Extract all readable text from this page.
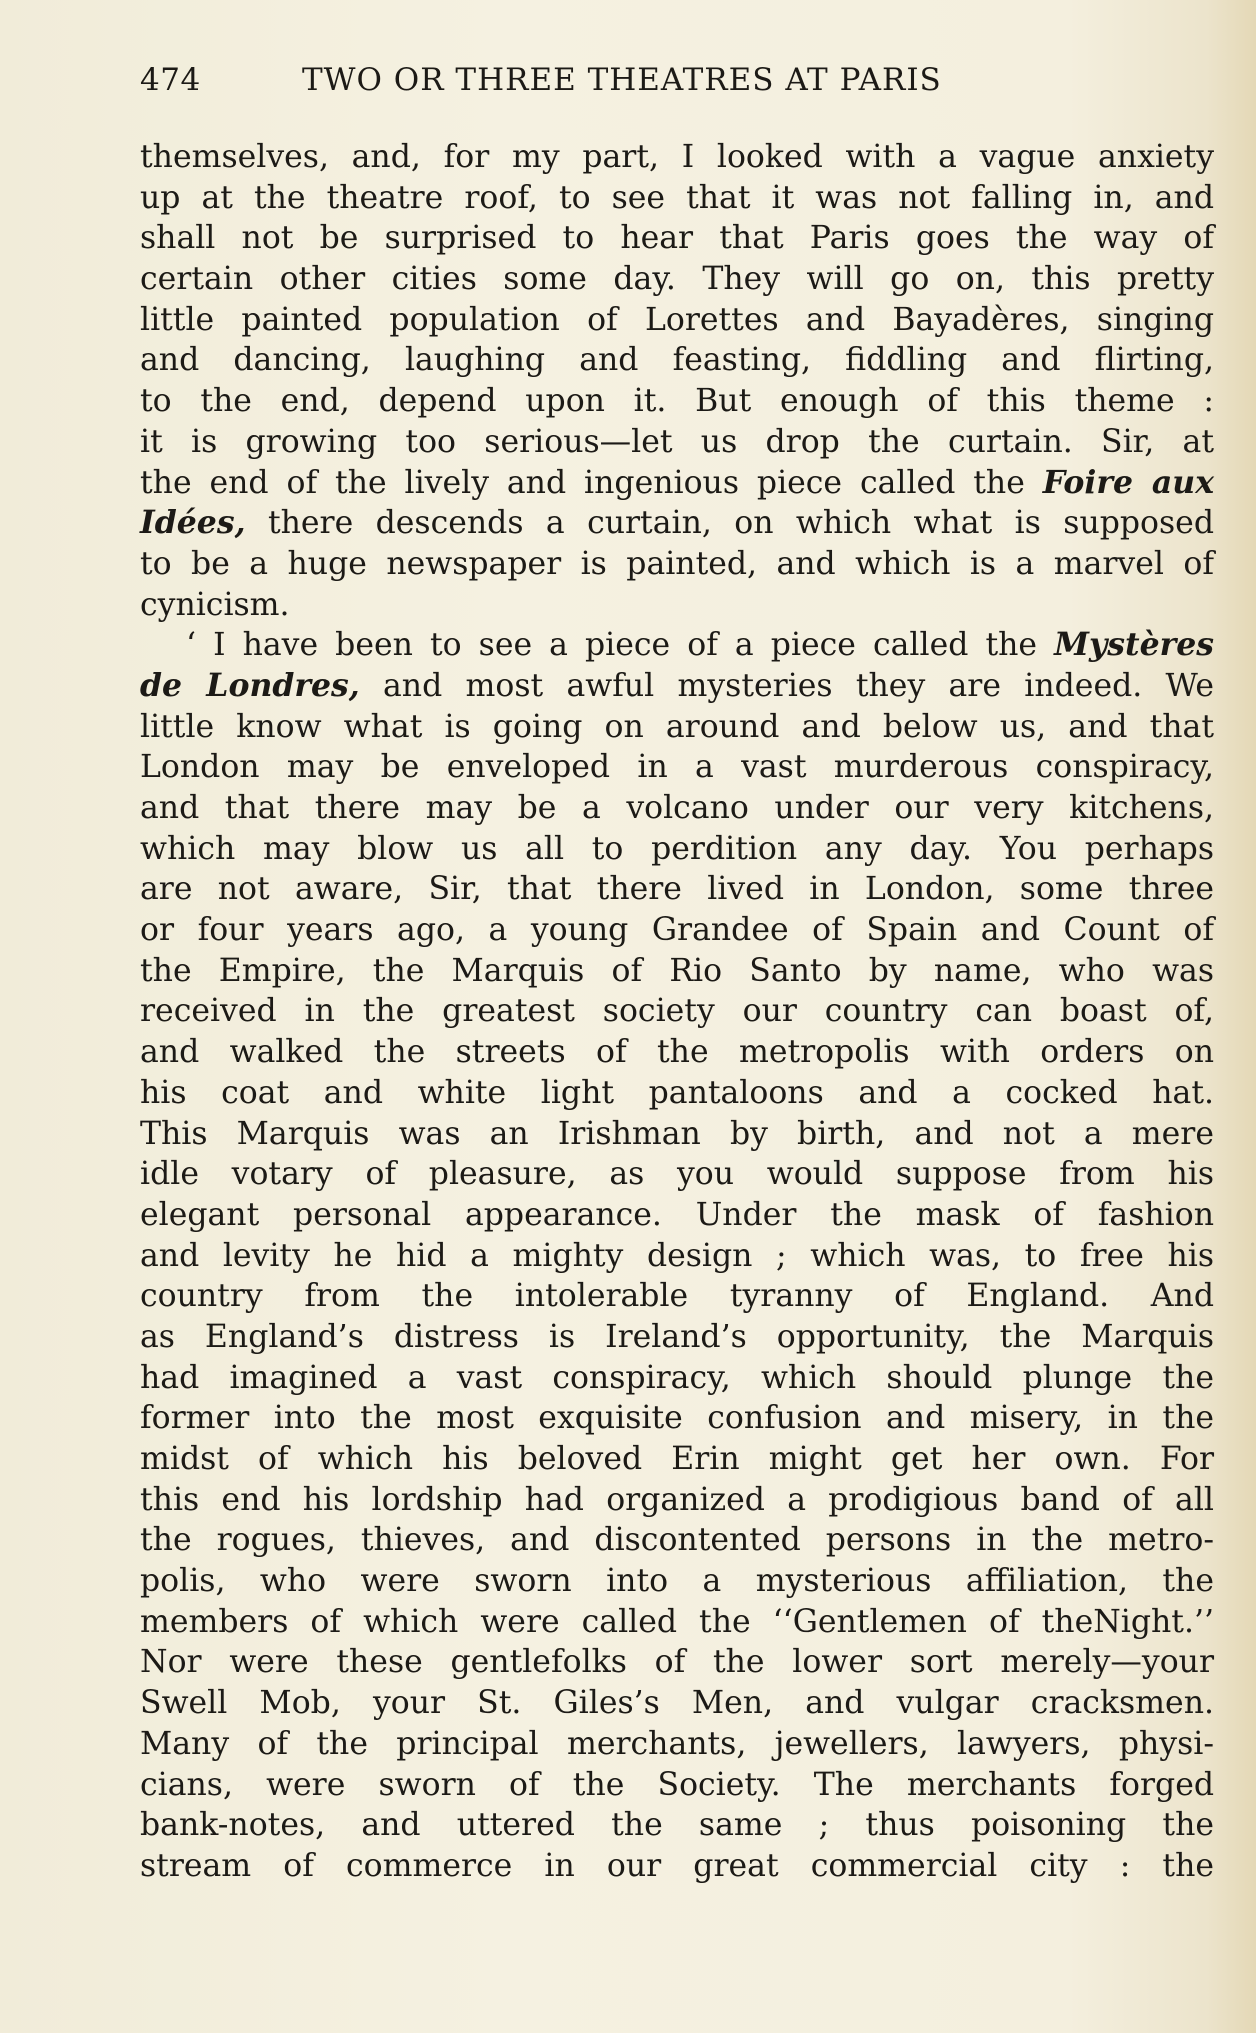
474	TWO OR THREE THEATRES AT PARIS
themselves, and, for my part, I looked with a vague anxiety
up at the theatre roof, to see that it was not falling in, and
shall not be surprised to hear that Paris goes the way of
certain other cities some day. They will go on, this pretty
little painted population of Lorettes and Bayadères, singing
and dancing, laughing and feasting, fiddling and flirting,
to the end, depend upon it. But enough of this theme :
it is growing too serious—let us drop the curtain. Sir, at
the end of the lively and ingenious piece called the Foire aux
Idées, there descends a curtain, on which what is supposed
to be a huge newspaper is painted, and which is a marvel of
cynicism.
‘ I have been to see a piece of a piece called the Mystères
de Londres, and most awful mysteries they are indeed. We
little know what is going on around and below us, and that
London may be enveloped in a vast murderous conspiracy,
and that there may be a volcano under our very kitchens,
which may blow us all to perdition any day. You perhaps
are not aware, Sir, that there lived in London, some three
or four years ago, a young Grandee of Spain and Count of
the Empire, the Marquis of Rio Santo by name, who was
received in the greatest society our country can boast of,
and walked the streets of the metropolis with orders on
his coat and white light pantaloons and a cocked hat.
This Marquis was an Irishman by birth, and not a mere
idle votary of pleasure, as you would suppose from his
elegant personal appearance. Under the mask of fashion
and levity he hid a mighty design ; which was, to free his
country from the intolerable tyranny of England. And
as England’s distress is Ireland’s opportunity, the Marquis
had imagined a vast conspiracy, which should plunge the
former into the most exquisite confusion and misery, in the
midst of which his beloved Erin might get her own. For
this end his lordship had organized a prodigious band of all
the rogues, thieves, and discontented persons in the metro-
polis, who were sworn into a mysterious affiliation, the
members of which were called the ‘‘Gentlemen of theNight.’’
Nor were these gentlefolks of the lower sort merely—your
Swell Mob, your St. Giles’s Men, and vulgar cracksmen.
Many of the principal merchants, jewellers, lawyers, physi-
cians, were sworn of the Society. The merchants forged
bank-notes, and uttered the same ; thus poisoning the
stream of commerce in our great commercial city : the
